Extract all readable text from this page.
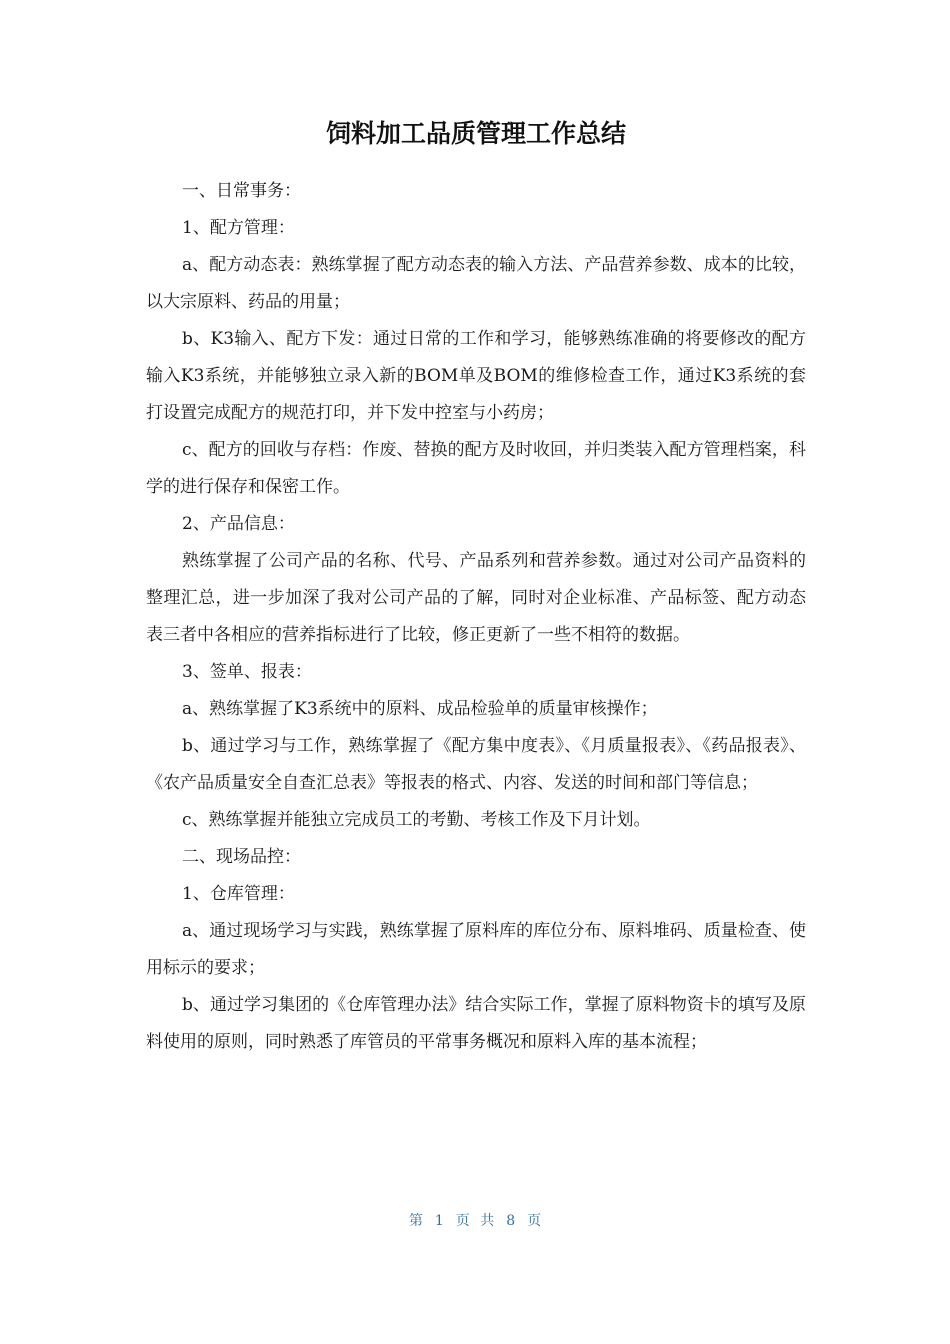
饲料加工品质管理工作总结

一、日常事务：

1、配方管理：

a、配方动态表：熟练掌握了配方动态表的输入方法、产品营养参数、成本的比较，以大宗原料、药品的用量；

b、K3输入、配方下发：通过日常的工作和学习，能够熟练准确的将要修改的配方输入K3系统，并能够独立录入新的BOM单及BOM的维修检查工作，通过K3系统的套打设置完成配方的规范打印，并下发中控室与小药房；

c、配方的回收与存档：作废、替换的配方及时收回，并归类装入配方管理档案，科学的进行保存和保密工作。

2、产品信息：

熟练掌握了公司产品的名称、代号、产品系列和营养参数。通过对公司产品资料的整理汇总，进一步加深了我对公司产品的了解，同时对企业标准、产品标签、配方动态表三者中各相应的营养指标进行了比较，修正更新了一些不相符的数据。

3、签单、报表：

a、熟练掌握了K3系统中的原料、成品检验单的质量审核操作；

b、通过学习与工作，熟练掌握了《配方集中度表》、《月质量报表》、《药品报表》、《农产品质量安全自查汇总表》等报表的格式、内容、发送的时间和部门等信息；

c、熟练掌握并能独立完成员工的考勤、考核工作及下月计划。

二、现场品控：

1、仓库管理：

a、通过现场学习与实践，熟练掌握了原料库的库位分布、原料堆码、质量检查、使用标示的要求；

b、通过学习集团的《仓库管理办法》结合实际工作，掌握了原料物资卡的填写及原料使用的原则，同时熟悉了库管员的平常事务概况和原料入库的基本流程；

第 1 页 共 8 页
